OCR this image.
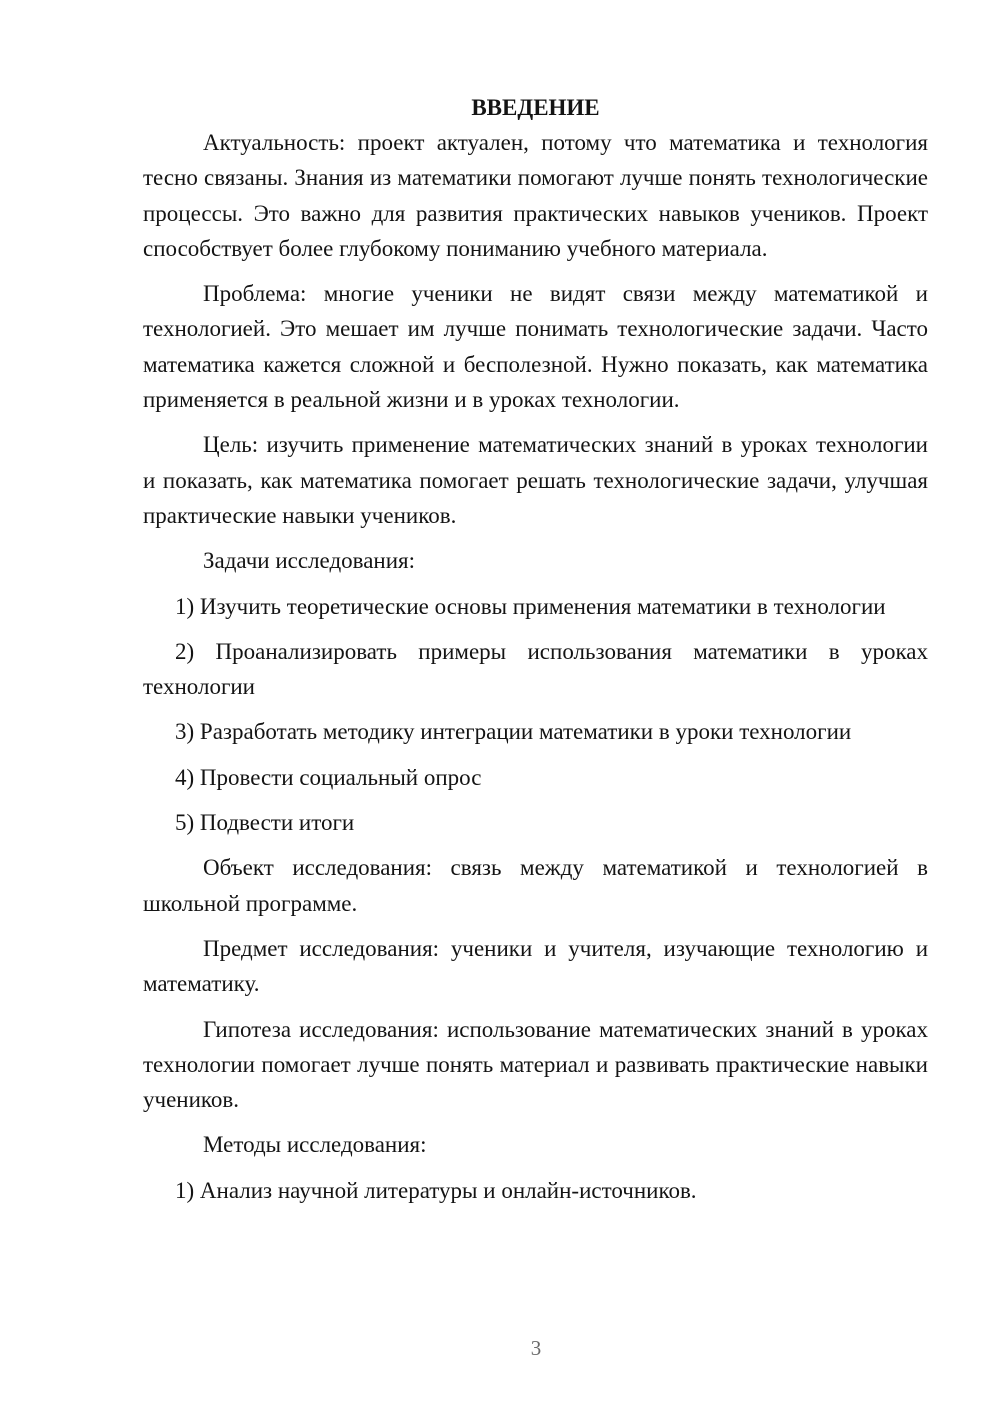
ВВЕДЕНИЕ

Актуальность: проект актуален, потому что математика и технология тесно связаны. Знания из математики помогают лучше понять технологические процессы. Это важно для развития практических навыков учеников. Проект способствует более глубокому пониманию учебного материала.

Проблема: многие ученики не видят связи между математикой и технологией. Это мешает им лучше понимать технологические задачи. Часто математика кажется сложной и бесполезной. Нужно показать, как математика применяется в реальной жизни и в уроках технологии.

Цель: изучить применение математических знаний в уроках технологии и показать, как математика помогает решать технологические задачи, улучшая практические навыки учеников.

Задачи исследования:

1) Изучить теоретические основы применения математики в технологии

2) Проанализировать примеры использования математики в уроках технологии

3) Разработать методику интеграции математики в уроки технологии

4) Провести социальный опрос

5) Подвести итоги

Объект исследования: связь между математикой и технологией в школьной программе.

Предмет исследования: ученики и учителя, изучающие технологию и математику.

Гипотеза исследования: использование математических знаний в уроках технологии помогает лучше понять материал и развивать практические навыки учеников.

Методы исследования:

1) Анализ научной литературы и онлайн-источников.

3
